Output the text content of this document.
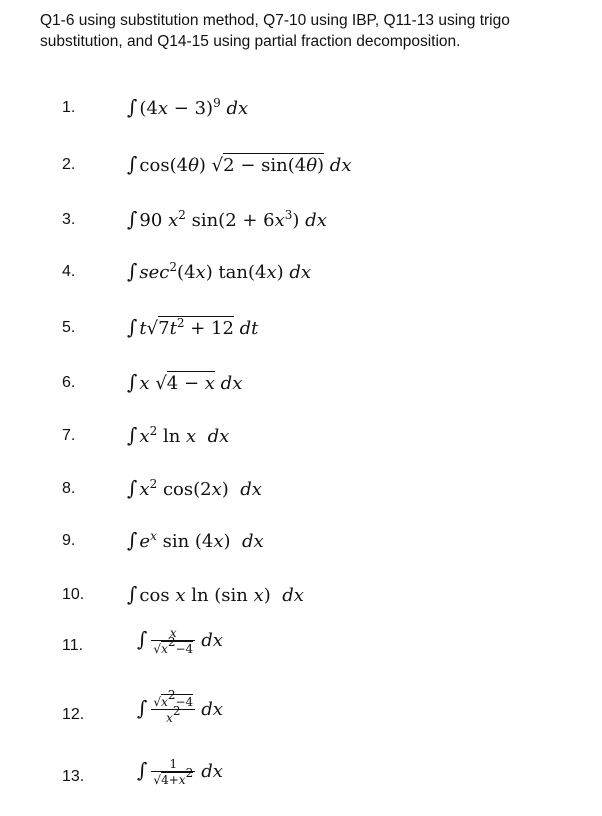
Q1-6 using substitution method, Q7-10 using IBP, Q11-13 using trigo substitution, and Q14-15 using partial fraction decomposition.
1.	∫ $(4x - 3)^9$ dx
2.	∫ cos(4θ) √2 − sin(4θ) dx
3.	∫ 90 $x^2$ $\sin(2 + 6x^3)$ dx
4.	∫ $\sec^2(4x)$ tan(4x) dx
5.	∫ $t√7t^2 + 12$ dt
6.	∫ x √4 − x dx
7.	∫ $x^2$ ln x dx
8.	∫ $x^2$ cos(2x)  dx
9.	∫ $e^x$ sin (4x)  dx
10. ∫ cos x ln (sin x)  dx
11.	∫ $\frac{x}{√x^2-4}$ dx
12.	∫ $\frac{√x^2-4}{x^2}$ dx
13.	∫ $\frac{1}{√4+x^2}$ dx
